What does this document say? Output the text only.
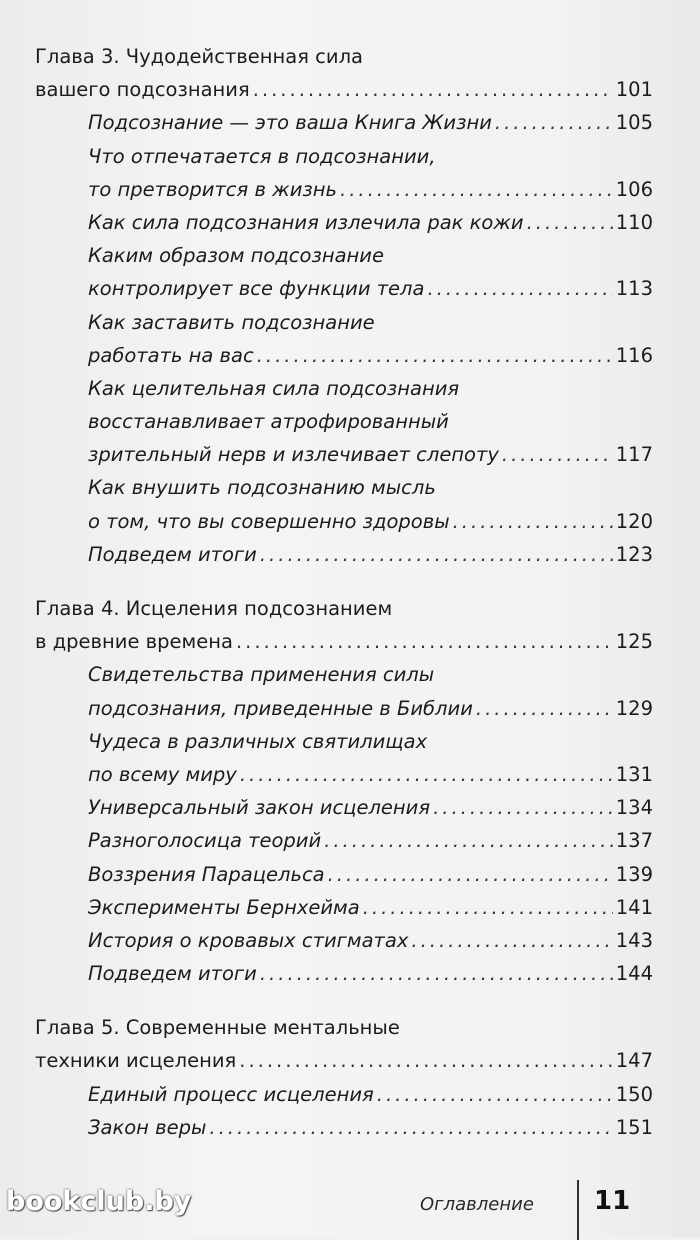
Глава 3. Чудодейственная сила
вашего подсознания .....	101
Подсознание — это ваша Книга Жизни .....	105
Что отпечатается в подсознании,
то претворится в жизнь .....	106
Как сила подсознания излечила рак кожи .....	110
Каким образом подсознание
контролирует все функции тела .....	113
Как заставить подсознание
работать на вас .....	116
Как целительная сила подсознания
восстанавливает атрофированный
зрительный нерв и излечивает слепоту .....	117
Как внушить подсознанию мысль
о том, что вы совершенно здоровы .....	120
Подведем итоги .....	123
Глава 4. Исцеления подсознанием
в древние времена .....	125
Свидетельства применения силы
подсознания, приведенные в Библии .....	129
Чудеса в различных святилищах
по всему миру .....	131
Универсальный закон исцеления .....	134
Разноголосица теорий .....	137
Воззрения Парацельса .....	139
Эксперименты Бернхейма .....	141
История о кровавых стигматах .....	143
Подведем итоги .....	144
Глава 5. Современные ментальные
техники исцеления .....	147
Единый процесс исцеления .....	150
Закон веры .....	151
bookclub.by	Оглавление 11
